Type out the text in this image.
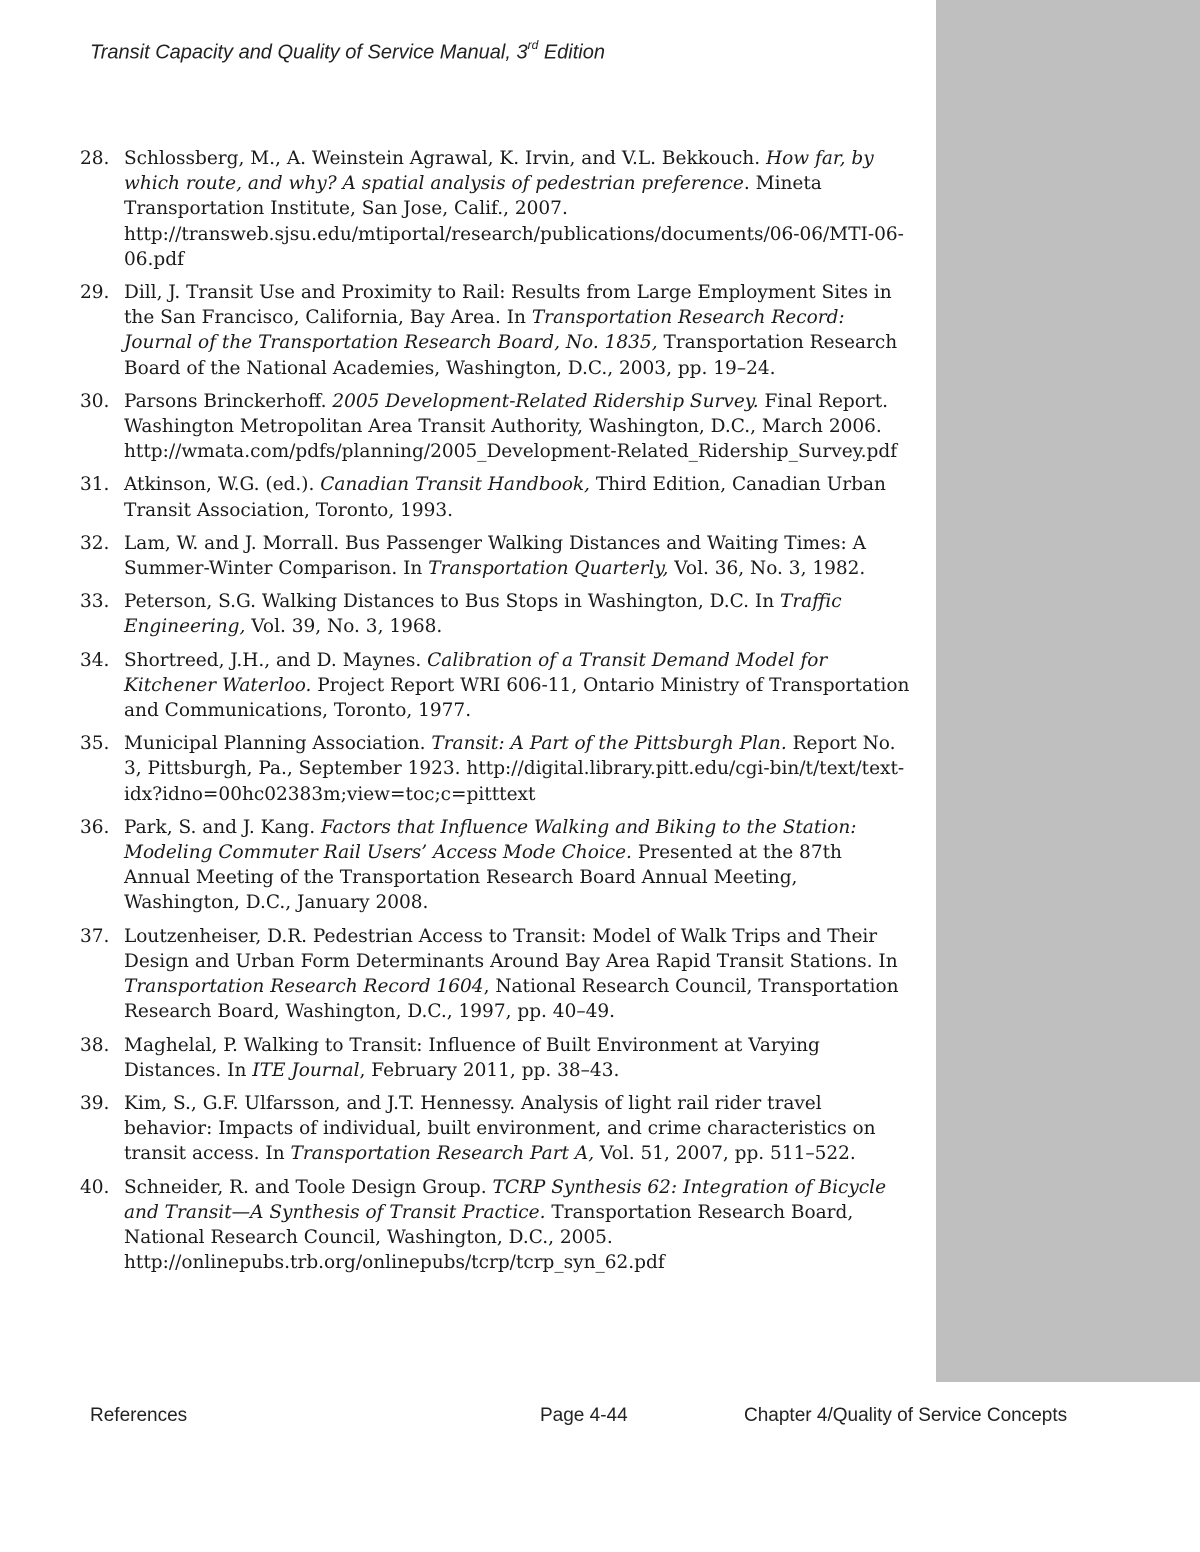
Transit Capacity and Quality of Service Manual, 3rd Edition
28. Schlossberg, M., A. Weinstein Agrawal, K. Irvin, and V.L. Bekkouch. How far, by which route, and why? A spatial analysis of pedestrian preference. Mineta Transportation Institute, San Jose, Calif., 2007. http://transweb.sjsu.edu/mtiportal/research/publications/documents/06-06/MTI-06-06.pdf
29. Dill, J. Transit Use and Proximity to Rail: Results from Large Employment Sites in the San Francisco, California, Bay Area. In Transportation Research Record: Journal of the Transportation Research Board, No. 1835, Transportation Research Board of the National Academies, Washington, D.C., 2003, pp. 19–24.
30. Parsons Brinckerhoff. 2005 Development-Related Ridership Survey. Final Report. Washington Metropolitan Area Transit Authority, Washington, D.C., March 2006. http://wmata.com/pdfs/planning/2005_Development-Related_Ridership_Survey.pdf
31. Atkinson, W.G. (ed.). Canadian Transit Handbook, Third Edition, Canadian Urban Transit Association, Toronto, 1993.
32. Lam, W. and J. Morrall. Bus Passenger Walking Distances and Waiting Times: A Summer-Winter Comparison. In Transportation Quarterly, Vol. 36, No. 3, 1982.
33. Peterson, S.G. Walking Distances to Bus Stops in Washington, D.C. In Traffic Engineering, Vol. 39, No. 3, 1968.
34. Shortreed, J.H., and D. Maynes. Calibration of a Transit Demand Model for Kitchener Waterloo. Project Report WRI 606-11, Ontario Ministry of Transportation and Communications, Toronto, 1977.
35. Municipal Planning Association. Transit: A Part of the Pittsburgh Plan. Report No. 3, Pittsburgh, Pa., September 1923. http://digital.library.pitt.edu/cgi-bin/t/text/text-idx?idno=00hc02383m;view=toc;c=pitttext
36. Park, S. and J. Kang. Factors that Influence Walking and Biking to the Station: Modeling Commuter Rail Users’ Access Mode Choice. Presented at the 87th Annual Meeting of the Transportation Research Board Annual Meeting, Washington, D.C., January 2008.
37. Loutzenheiser, D.R. Pedestrian Access to Transit: Model of Walk Trips and Their Design and Urban Form Determinants Around Bay Area Rapid Transit Stations. In Transportation Research Record 1604, National Research Council, Transportation Research Board, Washington, D.C., 1997, pp. 40–49.
38. Maghelal, P. Walking to Transit: Influence of Built Environment at Varying Distances. In ITE Journal, February 2011, pp. 38–43.
39. Kim, S., G.F. Ulfarsson, and J.T. Hennessy. Analysis of light rail rider travel behavior: Impacts of individual, built environment, and crime characteristics on transit access. In Transportation Research Part A, Vol. 51, 2007, pp. 511–522.
40. Schneider, R. and Toole Design Group. TCRP Synthesis 62: Integration of Bicycle and Transit—A Synthesis of Transit Practice. Transportation Research Board, National Research Council, Washington, D.C., 2005. http://onlinepubs.trb.org/onlinepubs/tcrp/tcrp_syn_62.pdf
References	Page 4-44	Chapter 4/Quality of Service Concepts
